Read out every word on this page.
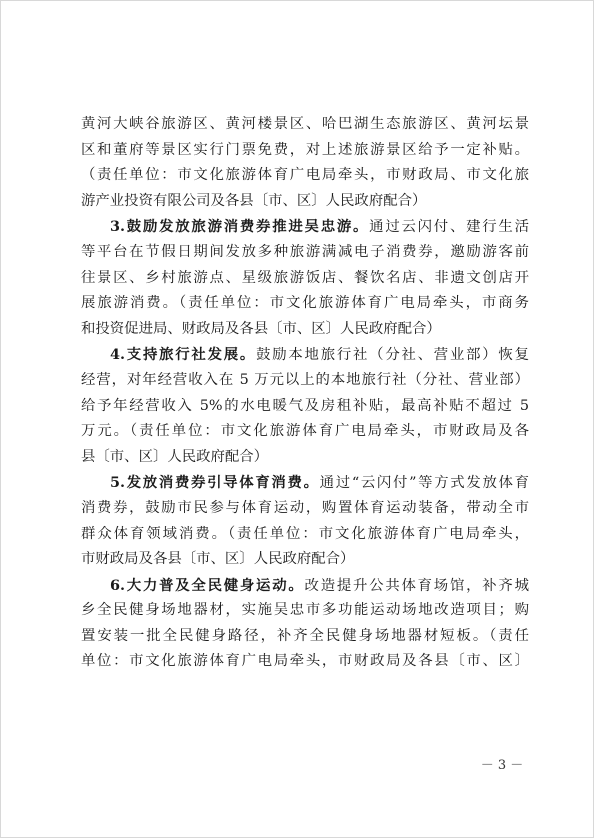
黄河大峡谷旅游区、黄河楼景区、哈巴湖生态旅游区、黄河坛景
区和董府等景区实行门票免费，对上述旅游景区给予一定补贴。
（责任单位：市文化旅游体育广电局牵头，市财政局、市文化旅
游产业投资有限公司及各县〔市、区〕人民政府配合）
3.鼓励发放旅游消费券推进吴忠游。通过云闪付、建行生活
等平台在节假日期间发放多种旅游满减电子消费券，邀励游客前
往景区、乡村旅游点、星级旅游饭店、餐饮名店、非遗文创店开
展旅游消费。（责任单位：市文化旅游体育广电局牵头，市商务
和投资促进局、财政局及各县〔市、区〕人民政府配合）
4.支持旅行社发展。鼓励本地旅行社（分社、营业部）恢复
经营，对年经营收入在 5 万元以上的本地旅行社（分社、营业部）
给予年经营收入 5%的水电暖气及房租补贴，最高补贴不超过 5
万元。（责任单位：市文化旅游体育广电局牵头，市财政局及各
县〔市、区〕人民政府配合）
5.发放消费券引导体育消费。通过“云闪付”等方式发放体育
消费券，鼓励市民参与体育运动，购置体育运动装备，带动全市
群众体育领域消费。（责任单位：市文化旅游体育广电局牵头，
市财政局及各县〔市、区〕人民政府配合）
6.大力普及全民健身运动。改造提升公共体育场馆，补齐城
乡全民健身场地器材，实施吴忠市多功能运动场地改造项目；购
置安装一批全民健身路径，补齐全民健身场地器材短板。（责任
单位：市文化旅游体育广电局牵头，市财政局及各县〔市、区〕
－ 3 －
